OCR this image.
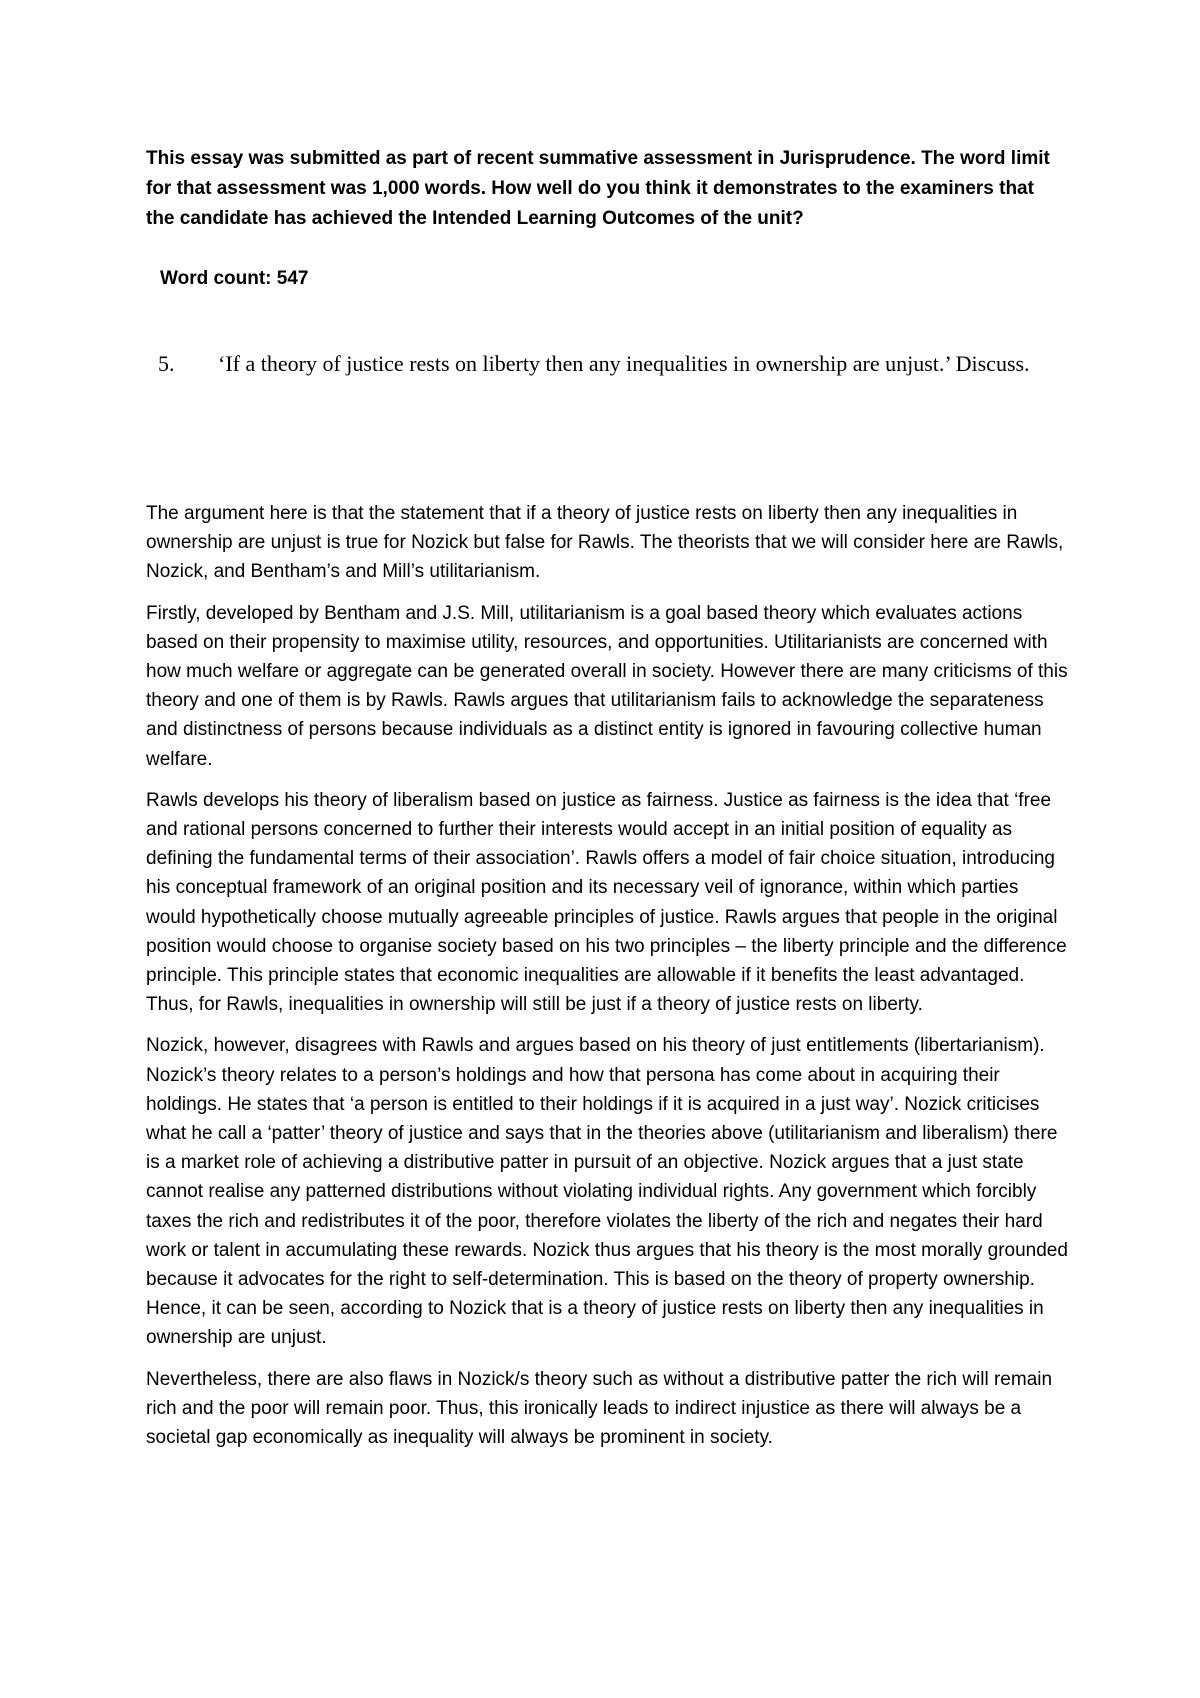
This essay was submitted as part of recent summative assessment in Jurisprudence. The word limit for that assessment was 1,000 words. How well do you think it demonstrates to the examiners that the candidate has achieved the Intended Learning Outcomes of the unit?

Word count: 547

5.	‘If a theory of justice rests on liberty then any inequalities in ownership are unjust.’ Discuss.

The argument here is that the statement that if a theory of justice rests on liberty then any inequalities in ownership are unjust is true for Nozick but false for Rawls. The theorists that we will consider here are Rawls, Nozick, and Bentham’s and Mill’s utilitarianism.

Firstly, developed by Bentham and J.S. Mill, utilitarianism is a goal based theory which evaluates actions based on their propensity to maximise utility, resources, and opportunities. Utilitarianists are concerned with how much welfare or aggregate can be generated overall in society. However there are many criticisms of this theory and one of them is by Rawls. Rawls argues that utilitarianism fails to acknowledge the separateness and distinctness of persons because individuals as a distinct entity is ignored in favouring collective human welfare.

Rawls develops his theory of liberalism based on justice as fairness. Justice as fairness is the idea that ‘free and rational persons concerned to further their interests would accept in an initial position of equality as defining the fundamental terms of their association’. Rawls offers a model of fair choice situation, introducing his conceptual framework of an original position and its necessary veil of ignorance, within which parties would hypothetically choose mutually agreeable principles of justice. Rawls argues that people in the original position would choose to organise society based on his two principles – the liberty principle and the difference principle. This principle states that economic inequalities are allowable if it benefits the least advantaged. Thus, for Rawls, inequalities in ownership will still be just if a theory of justice rests on liberty.

Nozick, however, disagrees with Rawls and argues based on his theory of just entitlements (libertarianism). Nozick’s theory relates to a person’s holdings and how that persona has come about in acquiring their holdings. He states that ‘a person is entitled to their holdings if it is acquired in a just way’. Nozick criticises what he call a ‘patter’ theory of justice and says that in the theories above (utilitarianism and liberalism) there is a market role of achieving a distributive patter in pursuit of an objective. Nozick argues that a just state cannot realise any patterned distributions without violating individual rights. Any government which forcibly taxes the rich and redistributes it of the poor, therefore violates the liberty of the rich and negates their hard work or talent in accumulating these rewards. Nozick thus argues that his theory is the most morally grounded because it advocates for the right to self-determination. This is based on the theory of property ownership. Hence, it can be seen, according to Nozick that is a theory of justice rests on liberty then any inequalities in ownership are unjust.

Nevertheless, there are also flaws in Nozick/s theory such as without a distributive patter the rich will remain rich and the poor will remain poor. Thus, this ironically leads to indirect injustice as there will always be a societal gap economically as inequality will always be prominent in society.
